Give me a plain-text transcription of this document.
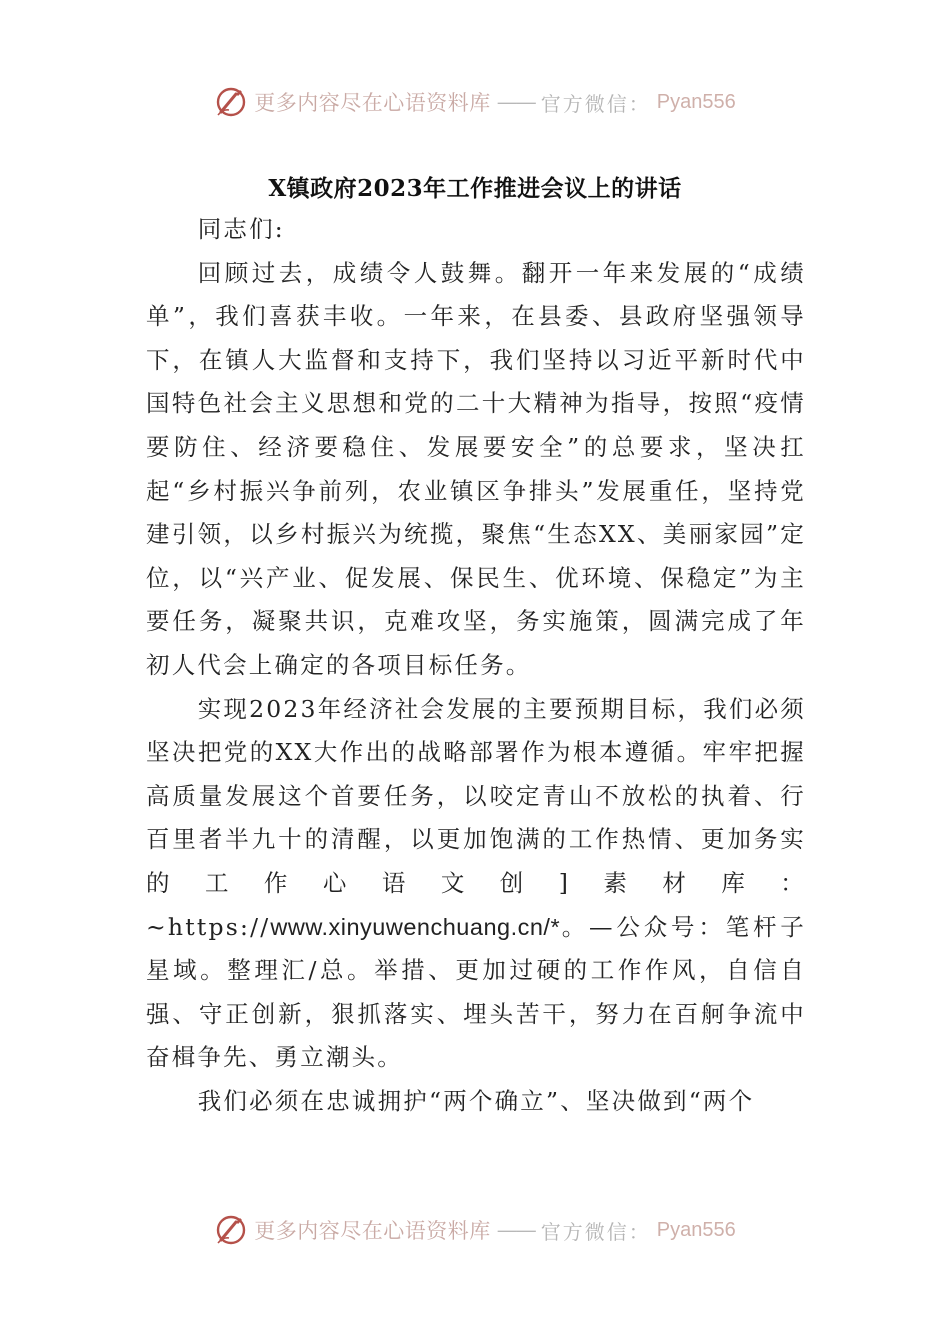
更多内容尽在心语资料库 —— 官方微信： Pyan556
X镇政府2023年工作推进会议上的讲话

同志们:

回顾过去，成绩令人鼓舞。翻开一年来发展的“成绩单”，我们喜获丰收。一年来，在县委、县政府坚强领导下，在镇人大监督和支持下，我们坚持以习近平新时代中国特色社会主义思想和党的二十大精神为指导，按照“疫情要防住、经济要稳住、发展要安全”的总要求，坚决扛起“乡村振兴争前列，农业镇区争排头”发展重任，坚持党建引领，以乡村振兴为统揽，聚焦“生态XX、美丽家园”定位，以“兴产业、促发展、保民生、优环境、保稳定”为主要任务，凝聚共识，克难攻坚，务实施策，圆满完成了年初人代会上确定的各项目标任务。

实现2023年经济社会发展的主要预期目标，我们必须坚决把党的XX大作出的战略部署作为根本遵循。牢牢把握高质量发展这个首要任务，以咬定青山不放松的执着、行百里者半九十的清醒，以更加饱满的工作热情、更加务实的工作心语文创]素材库：~https://www.xinyuwenchuang.cn/*。—公众号：笔杆子星域。整理汇/总。举措、更加过硬的工作作风，自信自强、守正创新，狠抓落实、埋头苦干，努力在百舸争流中奋楫争先、勇立潮头。

我们必须在忠诚拥护“两个确立”、坚决做到“两个

更多内容尽在心语资料库 —— 官方微信： Pyan556
